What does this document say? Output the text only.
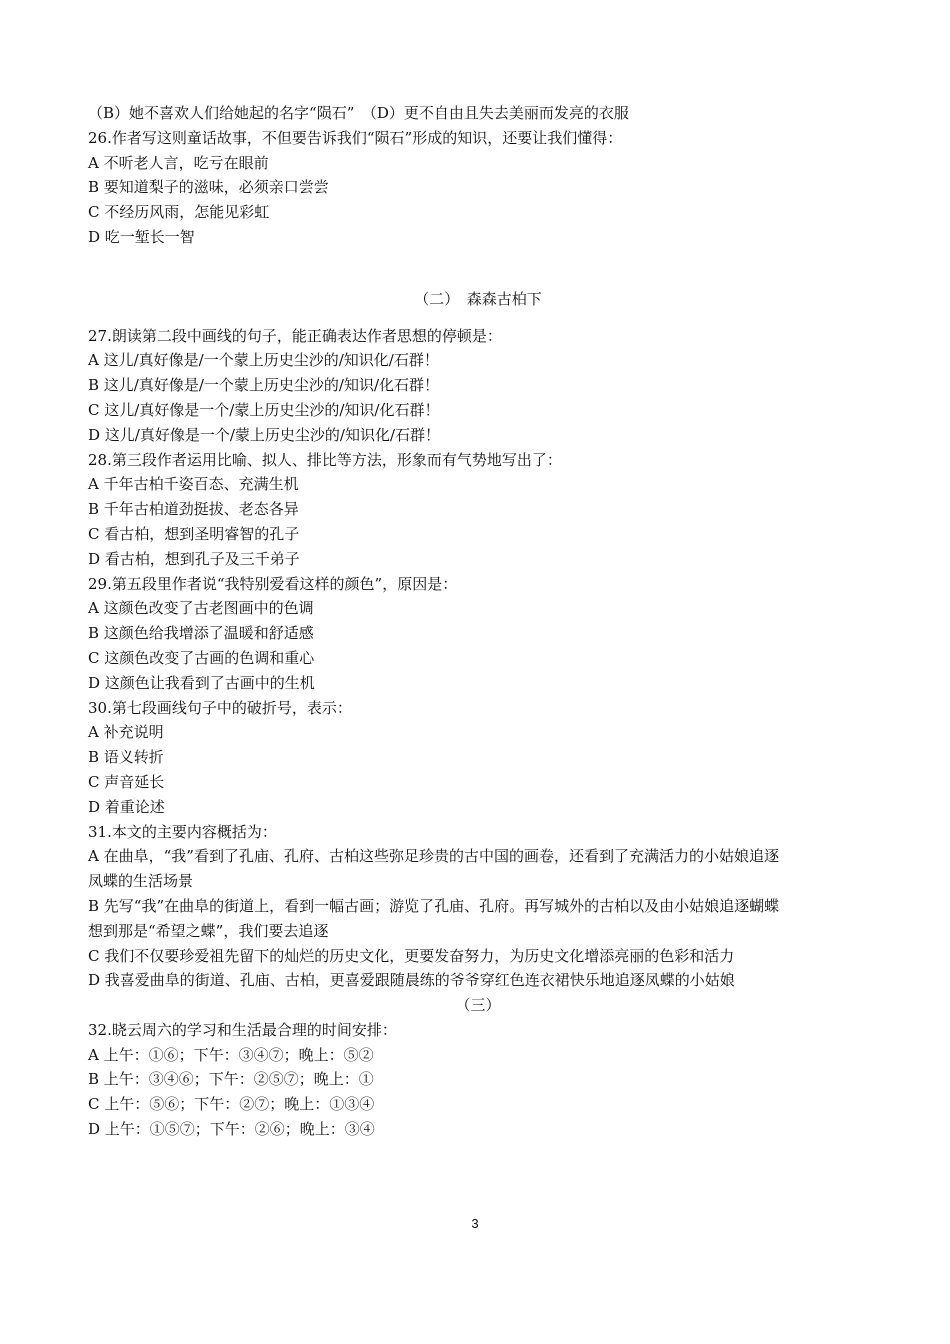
（B）她不喜欢人们给她起的名字“陨石”　（D）更不自由且失去美丽而发亮的衣服
26.作者写这则童话故事，不但要告诉我们“陨石”形成的知识，还要让我们懂得：
A 不听老人言，吃亏在眼前
B 要知道梨子的滋味，必须亲口尝尝
C 不经历风雨，怎能见彩虹
D 吃一堑长一智
（二）　森森古柏下
27.朗读第二段中画线的句子，能正确表达作者思想的停顿是：
A 这儿/真好像是/一个蒙上历史尘沙的/知识化/石群！
B 这儿/真好像是/一个蒙上历史尘沙的/知识/化石群！
C 这儿/真好像是一个/蒙上历史尘沙的/知识/化石群！
D 这儿/真好像是一个/蒙上历史尘沙的/知识化/石群！
28.第三段作者运用比喻、拟人、排比等方法，形象而有气势地写出了：
A 千年古柏千姿百态、充满生机
B 千年古柏道劲挺拔、老态各异
C 看古柏，想到圣明睿智的孔子
D 看古柏，想到孔子及三千弟子
29.第五段里作者说“我特别爱看这样的颜色”，原因是：
A 这颜色改变了古老图画中的色调
B 这颜色给我增添了温暖和舒适感
C 这颜色改变了古画的色调和重心
D 这颜色让我看到了古画中的生机
30.第七段画线句子中的破折号，表示：
A 补充说明
B 语义转折
C 声音延长
D 着重论述
31.本文的主要内容概括为：
A 在曲阜，“我”看到了孔庙、孔府、古柏这些弥足珍贵的古中国的画卷，还看到了充满活力的小姑娘追逐
凤蝶的生活场景
B 先写“我”在曲阜的街道上，看到一幅古画；游览了孔庙、孔府。再写城外的古柏以及由小姑娘追逐蝴蝶
想到那是“希望之蝶”，我们要去追逐
C 我们不仅要珍爱祖先留下的灿烂的历史文化，更要发奋努力，为历史文化增添亮丽的色彩和活力
D 我喜爱曲阜的街道、孔庙、古柏，更喜爱跟随晨练的爷爷穿红色连衣裙快乐地追逐凤蝶的小姑娘
（三）
32.晓云周六的学习和生活最合理的时间安排：
A 上午：①⑥；下午：③④⑦；晚上：⑤②
B 上午：③④⑥；下午：②⑤⑦；晚上：①
C 上午：⑤⑥；下午：②⑦；晚上：①③④
D 上午：①⑤⑦；下午：②⑥；晚上：③④
3
